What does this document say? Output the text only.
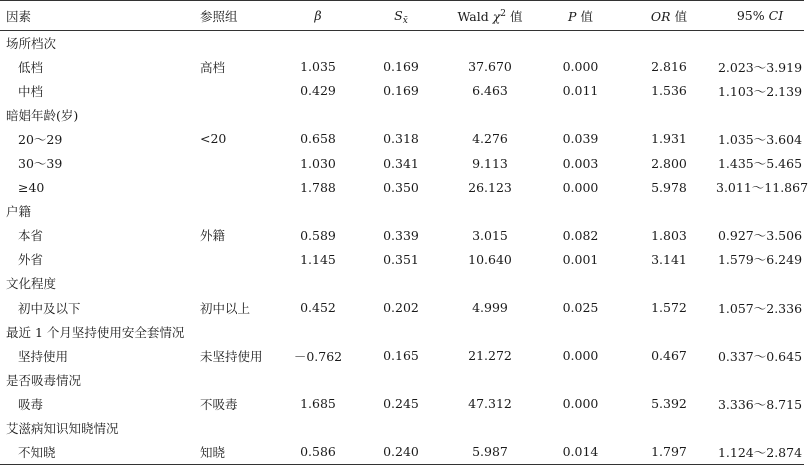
因素	参照组	β	$S_{x̄}$	Wald $\chi^2$ 值	P 值	OR 值	95% CI
场所档次							
低档	高档	1.035	0.169	37.670	0.000	2.816	2.023～3.919
中档		0.429	0.169	6.463	0.011	1.536	1.103～2.139
暗娼年龄(岁)							
20～29	<20	0.658	0.318	4.276	0.039	1.931	1.035～3.604
30～39		1.030	0.341	9.113	0.003	2.800	1.435～5.465
≥40		1.788	0.350	26.123	0.000	5.978	3.011～11.867
户籍							
本省	外籍	0.589	0.339	3.015	0.082	1.803	0.927～3.506
外省		1.145	0.351	10.640	0.001	3.141	1.579～6.249
文化程度							
初中及以下	初中以上	0.452	0.202	4.999	0.025	1.572	1.057～2.336
最近 1 个月坚持使用安全套情况							
坚持使用	未坚持使用	－0.762	0.165	21.272	0.000	0.467	0.337～0.645
是否吸毒情况							
吸毒	不吸毒	1.685	0.245	47.312	0.000	5.392	3.336～8.715
艾滋病知识知晓情况							
不知晓	知晓	0.586	0.240	5.987	0.014	1.797	1.124～2.874
